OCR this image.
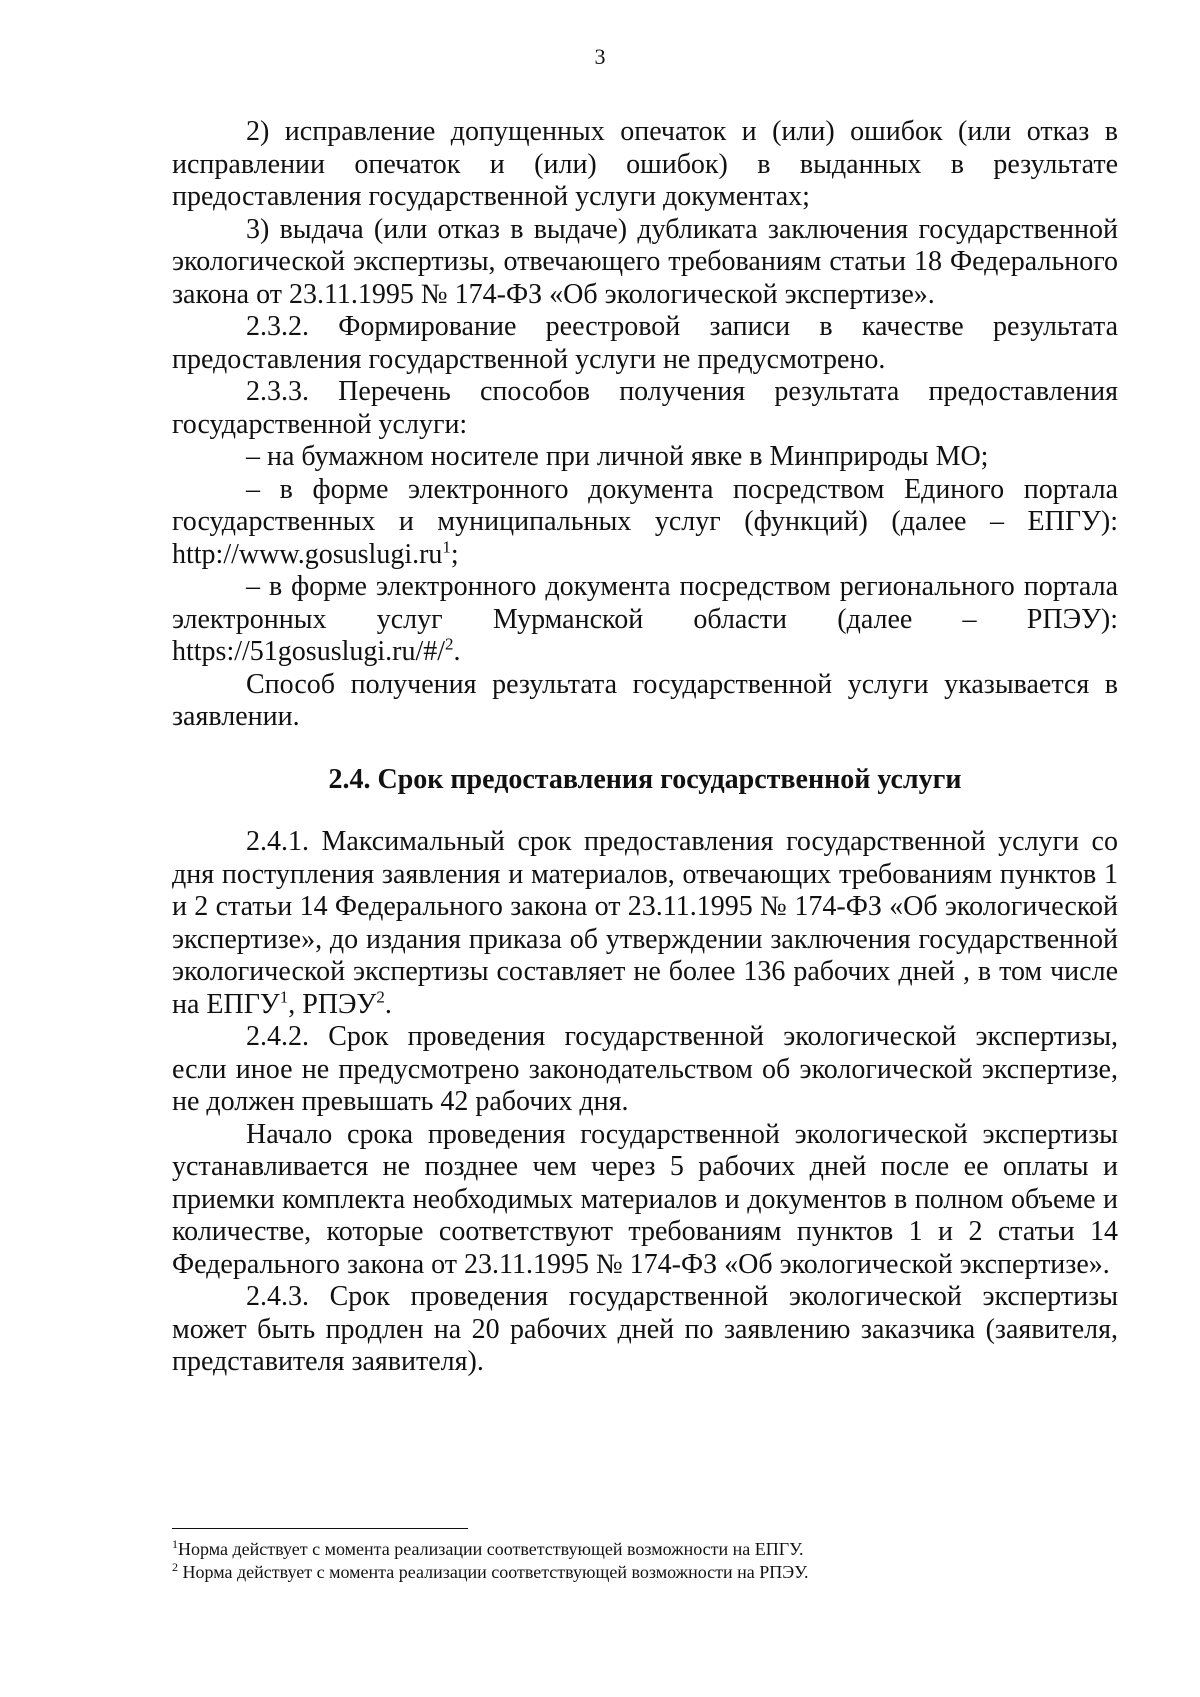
3

2) исправление допущенных опечаток и (или) ошибок (или отказ в исправлении опечаток и (или) ошибок) в выданных в результате предоставления государственной услуги документах;

3) выдача (или отказ в выдаче) дубликата заключения государственной экологической экспертизы, отвечающего требованиям статьи 18 Федерального закона от 23.11.1995 № 174-ФЗ «Об экологической экспертизе».

2.3.2. Формирование реестровой записи в качестве результата предоставления государственной услуги не предусмотрено.

2.3.3. Перечень способов получения результата предоставления государственной услуги:

– на бумажном носителе при личной явке в Минприроды МО;

– в форме электронного документа посредством Единого портала государственных и муниципальных услуг (функций) (далее – ЕПГУ): $http://www.gosuslugi.ru^1$;

– в форме электронного документа посредством регионального портала электронных услуг Мурманской области (далее – РПЭУ): https://51gosuslugi.ru/#/$^2$.

Способ получения результата государственной услуги указывается в заявлении.

2.4. Срок предоставления государственной услуги

2.4.1. Максимальный срок предоставления государственной услуги со дня поступления заявления и материалов, отвечающих требованиям пунктов 1 и 2 статьи 14 Федерального закона от 23.11.1995 № 174-ФЗ «Об экологической экспертизе», до издания приказа об утверждении заключения государственной экологической экспертизы составляет не более 136 рабочих дней , в том числе на ЕПГУ$^1$, РПЭУ$^2$.

2.4.2. Срок проведения государственной экологической экспертизы, если иное не предусмотрено законодательством об экологической экспертизе, не должен превышать 42 рабочих дня.

Начало срока проведения государственной экологической экспертизы устанавливается не позднее чем через 5 рабочих дней после ее оплаты и приемки комплекта необходимых материалов и документов в полном объеме и количестве, которые соответствуют требованиям пунктов 1 и 2 статьи 14 Федерального закона от 23.11.1995 № 174-ФЗ «Об экологической экспертизе».

2.4.3. Срок проведения государственной экологической экспертизы может быть продлен на 20 рабочих дней по заявлению заказчика (заявителя, представителя заявителя).

$^1$Норма действует с момента реализации соответствующей возможности на ЕПГУ.

$^2$ Норма действует с момента реализации соответствующей возможности на РПЭУ.
